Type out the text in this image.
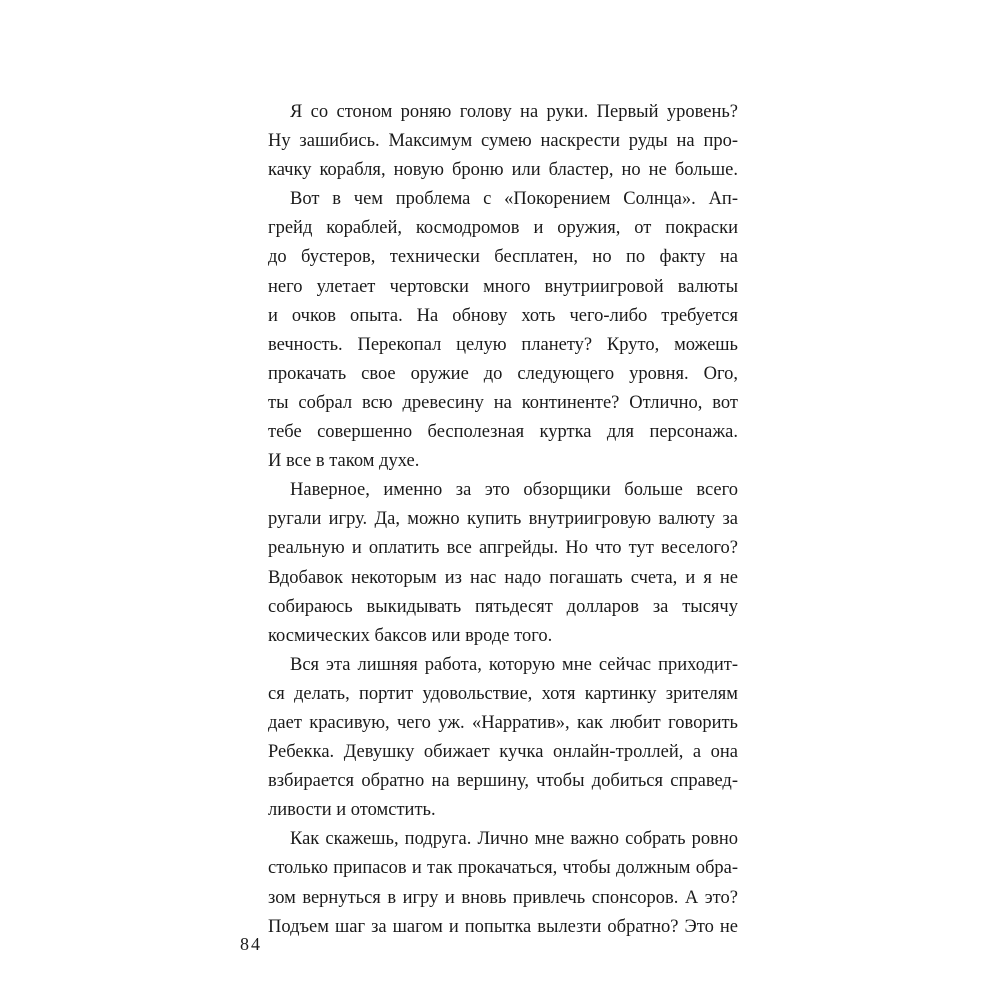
Я со стоном роняю голову на руки. Первый уровень?
Ну зашибись. Максимум сумею наскрести руды на про-
качку корабля, новую броню или бластер, но не больше.
Вот в чем проблема с «Покорением Солнца». Ап-
грейд кораблей, космодромов и оружия, от покраски
до бустеров, технически бесплатен, но по факту на
него улетает чертовски много внутриигровой валюты
и очков опыта. На обнову хоть чего-либо требуется
вечность. Перекопал целую планету? Круто, можешь
прокачать свое оружие до следующего уровня. Ого,
ты собрал всю древесину на континенте? Отлично, вот
тебе совершенно бесполезная куртка для персонажа.
И все в таком духе.
Наверное, именно за это обзорщики больше всего
ругали игру. Да, можно купить внутриигровую валюту за
реальную и оплатить все апгрейды. Но что тут веселого?
Вдобавок некоторым из нас надо погашать счета, и я не
собираюсь выкидывать пятьдесят долларов за тысячу
космических баксов или вроде того.
Вся эта лишняя работа, которую мне сейчас приходит-
ся делать, портит удовольствие, хотя картинку зрителям
дает красивую, чего уж. «Нарратив», как любит говорить
Ребекка. Девушку обижает кучка онлайн-троллей, а она
взбирается обратно на вершину, чтобы добиться справед-
ливости и отомстить.
Как скажешь, подруга. Лично мне важно собрать ровно
столько припасов и так прокачаться, чтобы должным обра-
зом вернуться в игру и вновь привлечь спонсоров. А это?
Подъем шаг за шагом и попытка вылезти обратно? Это не
84
